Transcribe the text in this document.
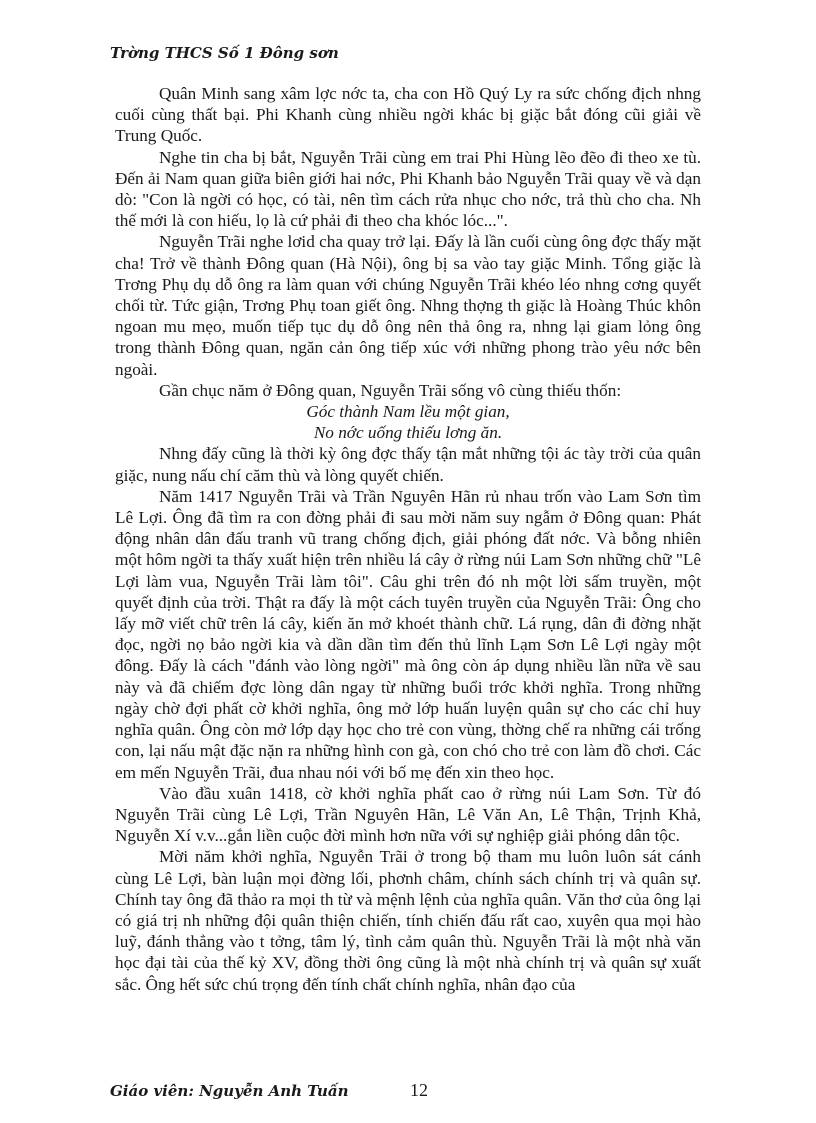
Trờng THCS Số 1 Đông sơn

Quân Minh sang xâm lợc nớc ta, cha con Hồ Quý Ly ra sức chống địch nhng cuối cùng thất bại. Phi Khanh cùng nhiều ngời khác bị giặc bắt đóng cũi giải về Trung Quốc.

Nghe tin cha bị bắt, Nguyễn Trãi cùng em trai Phi Hùng lẽo đẽo đi theo xe tù. Đến ải Nam quan giữa biên giới hai nớc, Phi Khanh bảo Nguyễn Trãi quay về và dạn dò: "Con là ngời có học, có tài, nên tìm cách rửa nhục cho nớc, trả thù cho cha. Nh thế mới là con hiếu, lọ là cứ phải đi theo cha khóc lóc...".

Nguyễn Trãi nghe lơid cha quay trở lại. Đấy là lần cuối cùng ông đợc thấy mặt cha! Trở về thành Đông quan (Hà Nội), ông bị sa vào tay giặc Minh. Tổng giặc là Trơng Phụ dụ dỗ ông ra làm quan với chúng Nguyễn Trãi khéo léo nhng cơng quyết chối từ. Tức giận, Trơng Phụ toan giết ông. Nhng thợng th giặc là Hoàng Thúc khôn ngoan mu mẹo, muốn tiếp tục dụ dỗ ông nên thả ông ra, nhng lại giam lỏng ông trong thành Đông quan, ngăn cản ông tiếp xúc với những phong trào yêu nớc bên ngoài.

Gần chục năm ở Đông quan, Nguyễn Trãi sống vô cùng thiếu thốn:

Góc thành Nam lều một gian,

No nớc uống thiếu lơng ăn.

Nhng đấy cũng là thời kỳ ông đợc thấy tận mắt những tội ác tày trời của quân giặc, nung nấu chí căm thù và lòng quyết chiến.

Năm 1417 Nguyễn Trãi và Trần Nguyên Hãn rủ nhau trốn vào Lam Sơn tìm Lê Lợi. Ông đã tìm ra con đờng phải đi sau mời năm suy ngẫm ở Đông quan: Phát động nhân dân đấu tranh vũ trang chống địch, giải phóng đất nớc. Và bỗng nhiên một hôm ngời ta thấy xuất hiện trên nhiều lá cây ở rừng núi Lam Sơn những chữ "Lê Lợi làm vua, Nguyễn Trãi làm tôi". Câu ghi trên đó nh một lời sấm truyền, một quyết định của trời. Thật ra đấy là một cách tuyên truyền của Nguyễn Trãi: Ông cho lấy mỡ viết chữ trên lá cây, kiến ăn mở khoét thành chữ. Lá rụng, dân đi đờng nhặt đọc, ngời nọ bảo ngời kia và dần dần tìm đến thủ lĩnh Lạm Sơn Lê Lợi ngày một đông. Đấy là cách "đánh vào lòng ngời" mà ông còn áp dụng nhiều lần nữa về sau này và đã chiếm đợc lòng dân ngay từ những buổi trớc khởi nghĩa. Trong những ngày chờ đợi phất cờ khởi nghĩa, ông mở lớp huấn luyện quân sự cho các chỉ huy nghĩa quân. Ông còn mở lớp dạy học cho trẻ con vùng, thờng chế ra những cái trống con, lại nấu mật đặc nặn ra những hình con gà, con chó cho trẻ con làm đồ chơi. Các em mến Nguyễn Trãi, đua nhau nói với bố mẹ đến xin theo học.

Vào đầu xuân 1418, cờ khởi nghĩa phất cao ở rừng núi Lam Sơn. Từ đó Nguyễn Trãi cùng Lê Lợi, Trần Nguyên Hãn, Lê Văn An, Lê Thận, Trịnh Khả, Nguyễn Xí v.v...gắn liền cuộc đời mình hơn nữa với sự nghiệp giải phóng dân tộc.

Mời năm khởi nghĩa, Nguyễn Trãi ở trong bộ tham mu luôn luôn sát cánh cùng Lê Lợi, bàn luận mọi đờng lối, phơnh châm, chính sách chính trị và quân sự. Chính tay ông đã thảo ra mọi th từ và mệnh lệnh của nghĩa quân. Văn thơ của ông lại có giá trị nh những đội quân thiện chiến, tính chiến đấu rất cao, xuyên qua mọi hào luỹ, đánh thẳng vào t tởng, tâm lý, tình cảm quân thù. Nguyễn Trãi là một nhà văn học đại tài của thế kỷ XV, đồng thời ông cũng là một nhà chính trị và quân sự xuất sắc. Ông hết sức chú trọng đến tính chất chính nghĩa, nhân đạo của

Giáo viên: Nguyễn Anh Tuấn	12
